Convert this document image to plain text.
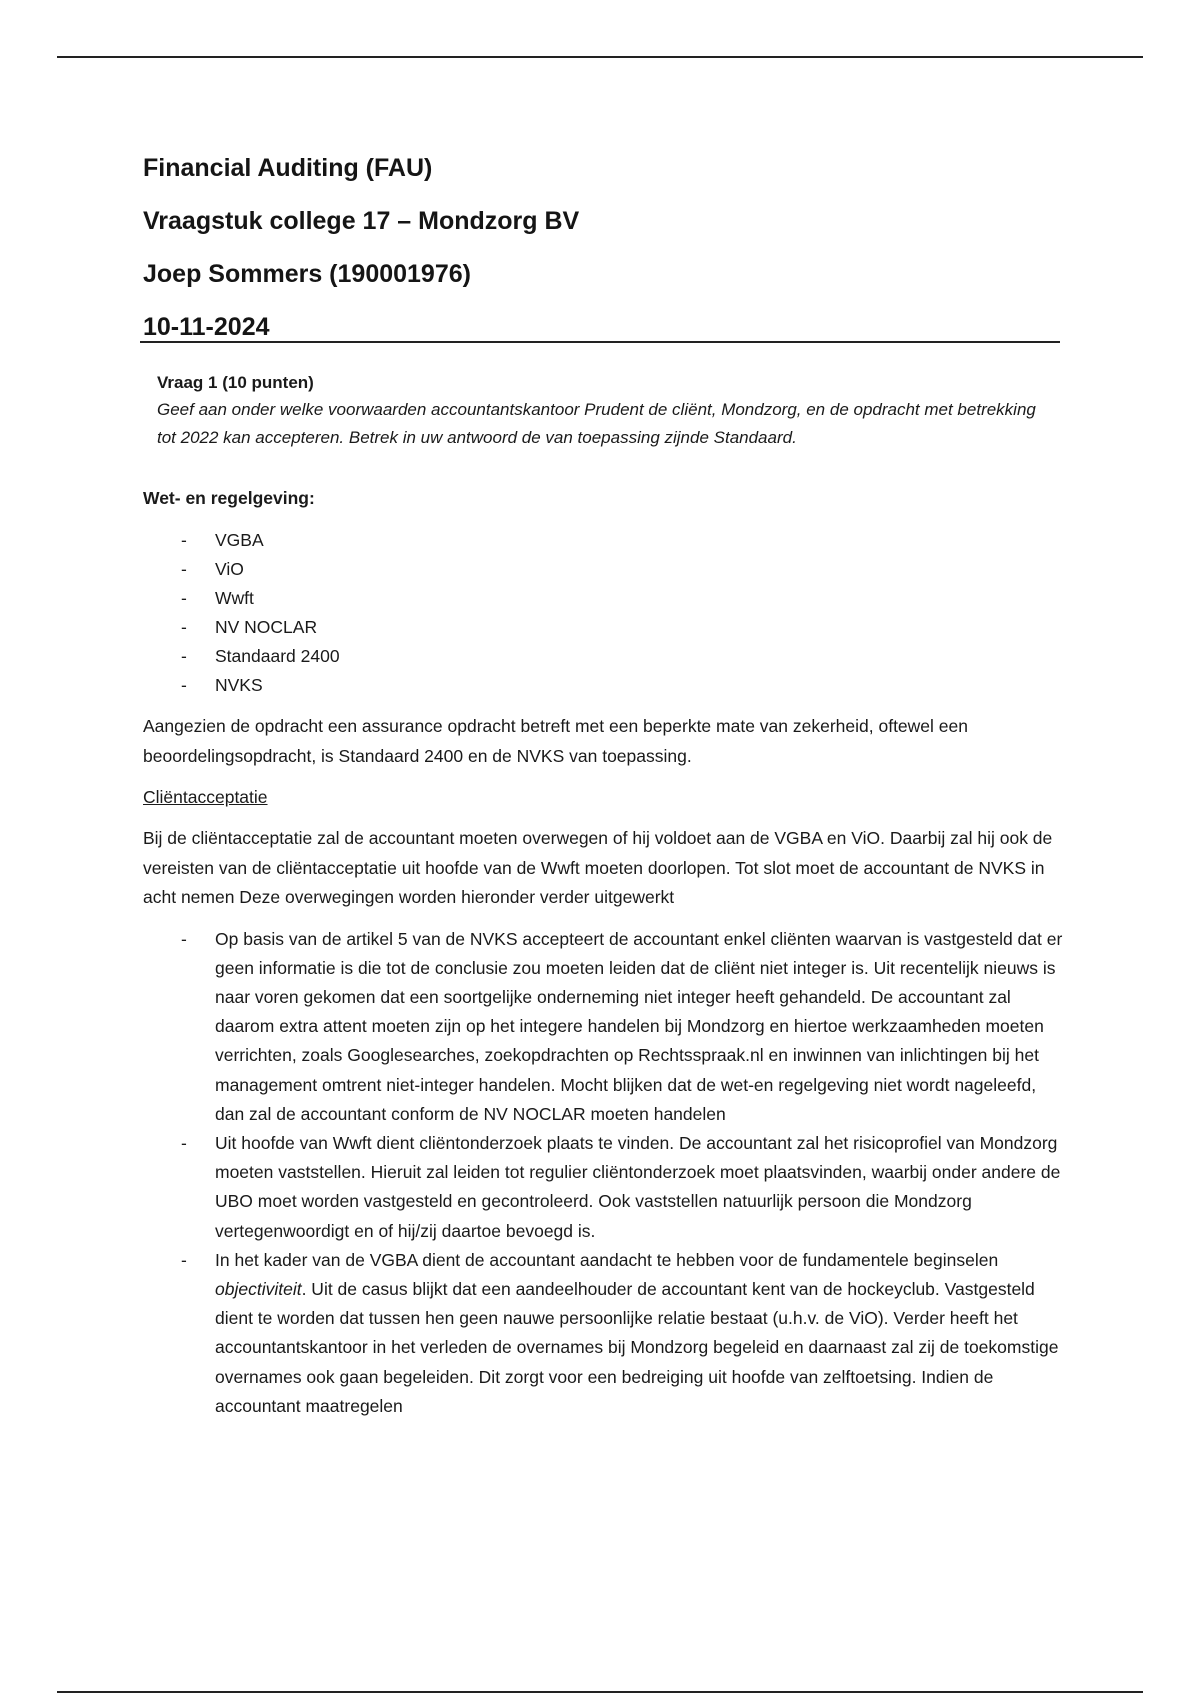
Financial Auditing (FAU)

Vraagstuk college 17 – Mondzorg BV

Joep Sommers (190001976)

10-11-2024

Vraag 1 (10 punten)

Geef aan onder welke voorwaarden accountantskantoor Prudent de cliënt, Mondzorg, en de opdracht met betrekking tot 2022 kan accepteren. Betrek in uw antwoord de van toepassing zijnde Standaard.

Wet- en regelgeving:

- VGBA
- ViO
- Wwft
- NV NOCLAR
- Standaard 2400
- NVKS

Aangezien de opdracht een assurance opdracht betreft met een beperkte mate van zekerheid, oftewel een beoordelingsopdracht, is Standaard 2400 en de NVKS van toepassing.

Cliëntacceptatie

Bij de cliëntacceptatie zal de accountant moeten overwegen of hij voldoet aan de VGBA en ViO. Daarbij zal hij ook de vereisten van de cliëntacceptatie uit hoofde van de Wwft moeten doorlopen. Tot slot moet de accountant de NVKS in acht nemen Deze overwegingen worden hieronder verder uitgewerkt

- Op basis van de artikel 5 van de NVKS accepteert de accountant enkel cliënten waarvan is vastgesteld dat er geen informatie is die tot de conclusie zou moeten leiden dat de cliënt niet integer is. Uit recentelijk nieuws is naar voren gekomen dat een soortgelijke onderneming niet integer heeft gehandeld. De accountant zal daarom extra attent moeten zijn op het integere handelen bij Mondzorg en hiertoe werkzaamheden moeten verrichten, zoals Googlesearches, zoekopdrachten op Rechtsspraak.nl en inwinnen van inlichtingen bij het management omtrent niet-integer handelen. Mocht blijken dat de wet-en regelgeving niet wordt nageleefd, dan zal de accountant conform de NV NOCLAR moeten handelen
- Uit hoofde van Wwft dient cliëntonderzoek plaats te vinden. De accountant zal het risicoprofiel van Mondzorg moeten vaststellen. Hieruit zal leiden tot regulier cliëntonderzoek moet plaatsvinden, waarbij onder andere de UBO moet worden vastgesteld en gecontroleerd. Ook vaststellen natuurlijk persoon die Mondzorg vertegenwoordigt en of hij/zij daartoe bevoegd is.
- In het kader van de VGBA dient de accountant aandacht te hebben voor de fundamentele beginselen objectiviteit. Uit de casus blijkt dat een aandeelhouder de accountant kent van de hockeyclub. Vastgesteld dient te worden dat tussen hen geen nauwe persoonlijke relatie bestaat (u.h.v. de ViO). Verder heeft het accountantskantoor in het verleden de overnames bij Mondzorg begeleid en daarnaast zal zij de toekomstige overnames ook gaan begeleiden. Dit zorgt voor een bedreiging uit hoofde van zelftoetsing. Indien de accountant maatregelen
